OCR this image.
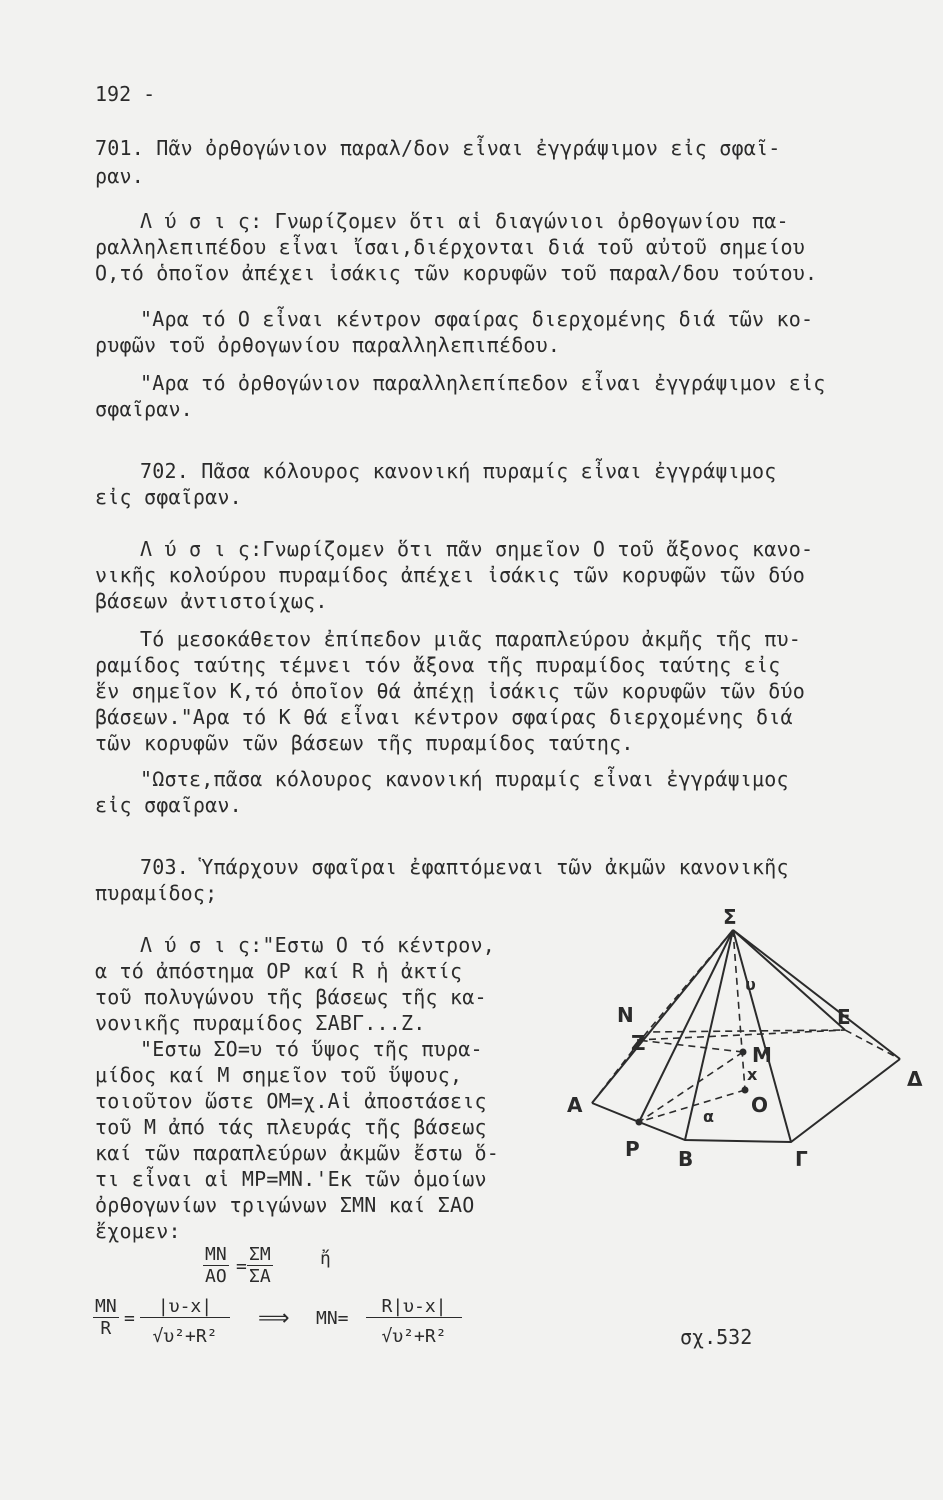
192 -
701. Πᾶν ὀρθογώνιον παραλ/δον εἶναι ἐγγράψιμον εἰς σφαῖ-
ραν.
Λ ύ σ ι ς: Γνωρίζομεν ὅτι αἱ διαγώνιοι ὀρθογωνίου πα-
ραλληλεπιπέδου εἶναι ἴσαι,διέρχονται διά τοῦ αὐτοῦ σημείου
Ο,τό ὁποῖον ἀπέχει ἰσάκις τῶν κορυφῶν τοῦ παραλ/δου τούτου.
"Αρα τό Ο εἶναι κέντρον σφαίρας διερχομένης διά τῶν κο-
ρυφῶν τοῦ ὀρθογωνίου παραλληλεπιπέδου.
"Αρα τό ὀρθογώνιον παραλληλεπίπεδον εἶναι ἐγγράψιμον εἰς
σφαῖραν.
702. Πᾶσα κόλουρος κανονική πυραμίς εἶναι ἐγγράψιμος
εἰς σφαῖραν.
Λ ύ σ ι ς:Γνωρίζομεν ὅτι πᾶν σημεῖον Ο τοῦ ἄξονος κανο-
νικῆς κολούρου πυραμίδος ἀπέχει ἰσάκις τῶν κορυφῶν τῶν δύο
βάσεων ἀντιστοίχως.
Τό μεσοκάθετον ἐπίπεδον μιᾶς παραπλεύρου ἀκμῆς τῆς πυ-
ραμίδος ταύτης τέμνει τόν ἄξονα τῆς πυραμίδος ταύτης εἰς
ἕν σημεῖον Κ,τό ὁποῖον θά ἀπέχῃ ἰσάκις τῶν κορυφῶν τῶν δύο
βάσεων."Αρα τό Κ θά εἶναι κέντρον σφαίρας διερχομένης διά
τῶν κορυφῶν τῶν βάσεων τῆς πυραμίδος ταύτης.
"Ωστε,πᾶσα κόλουρος κανονική πυραμίς εἶναι ἐγγράψιμος
εἰς σφαῖραν.
703. Ὑπάρχουν σφαῖραι ἐφαπτόμεναι τῶν ἀκμῶν κανονικῆς
πυραμίδος;
Λ ύ σ ι ς:"Εστω Ο τό κέντρον,
α τό ἀπόστημα ΟΡ καί R ἡ ἀκτίς
τοῦ πολυγώνου τῆς βάσεως τῆς κα-
νονικῆς πυραμίδος ΣΑΒΓ...Ζ.
"Εστω ΣΟ=υ τό ὕψος τῆς πυρα-
μίδος καί Μ σημεῖον τοῦ ὕψους,
τοιοῦτον ὥστε ΟΜ=χ.Αἱ ἀποστάσεις
τοῦ Μ ἀπό τάς πλευράς τῆς βάσεως
καί τῶν παραπλεύρων ἀκμῶν ἔστω ὅ-
τι εἶναι αἱ ΜΡ=ΜΝ.'Εκ τῶν ὁμοίων
ὀρθογωνίων τριγώνων ΣΜΝ καί ΣΑΟ
ἔχομεν:
$\frac{MN}{AO} = \frac{\Sigma M}{\Sigma A}$	ἤ
$\frac{MN}{R} = \frac{|\upsilon-x|}{\text{√υ²+R²}}$ ⟹ $MN= \frac{R|\upsilon-x|}{\text{√υ²+R²}}$
Σ
A
P B	Γ
Δ
E
Z
N
M
O
x
υ
α
σχ.532
